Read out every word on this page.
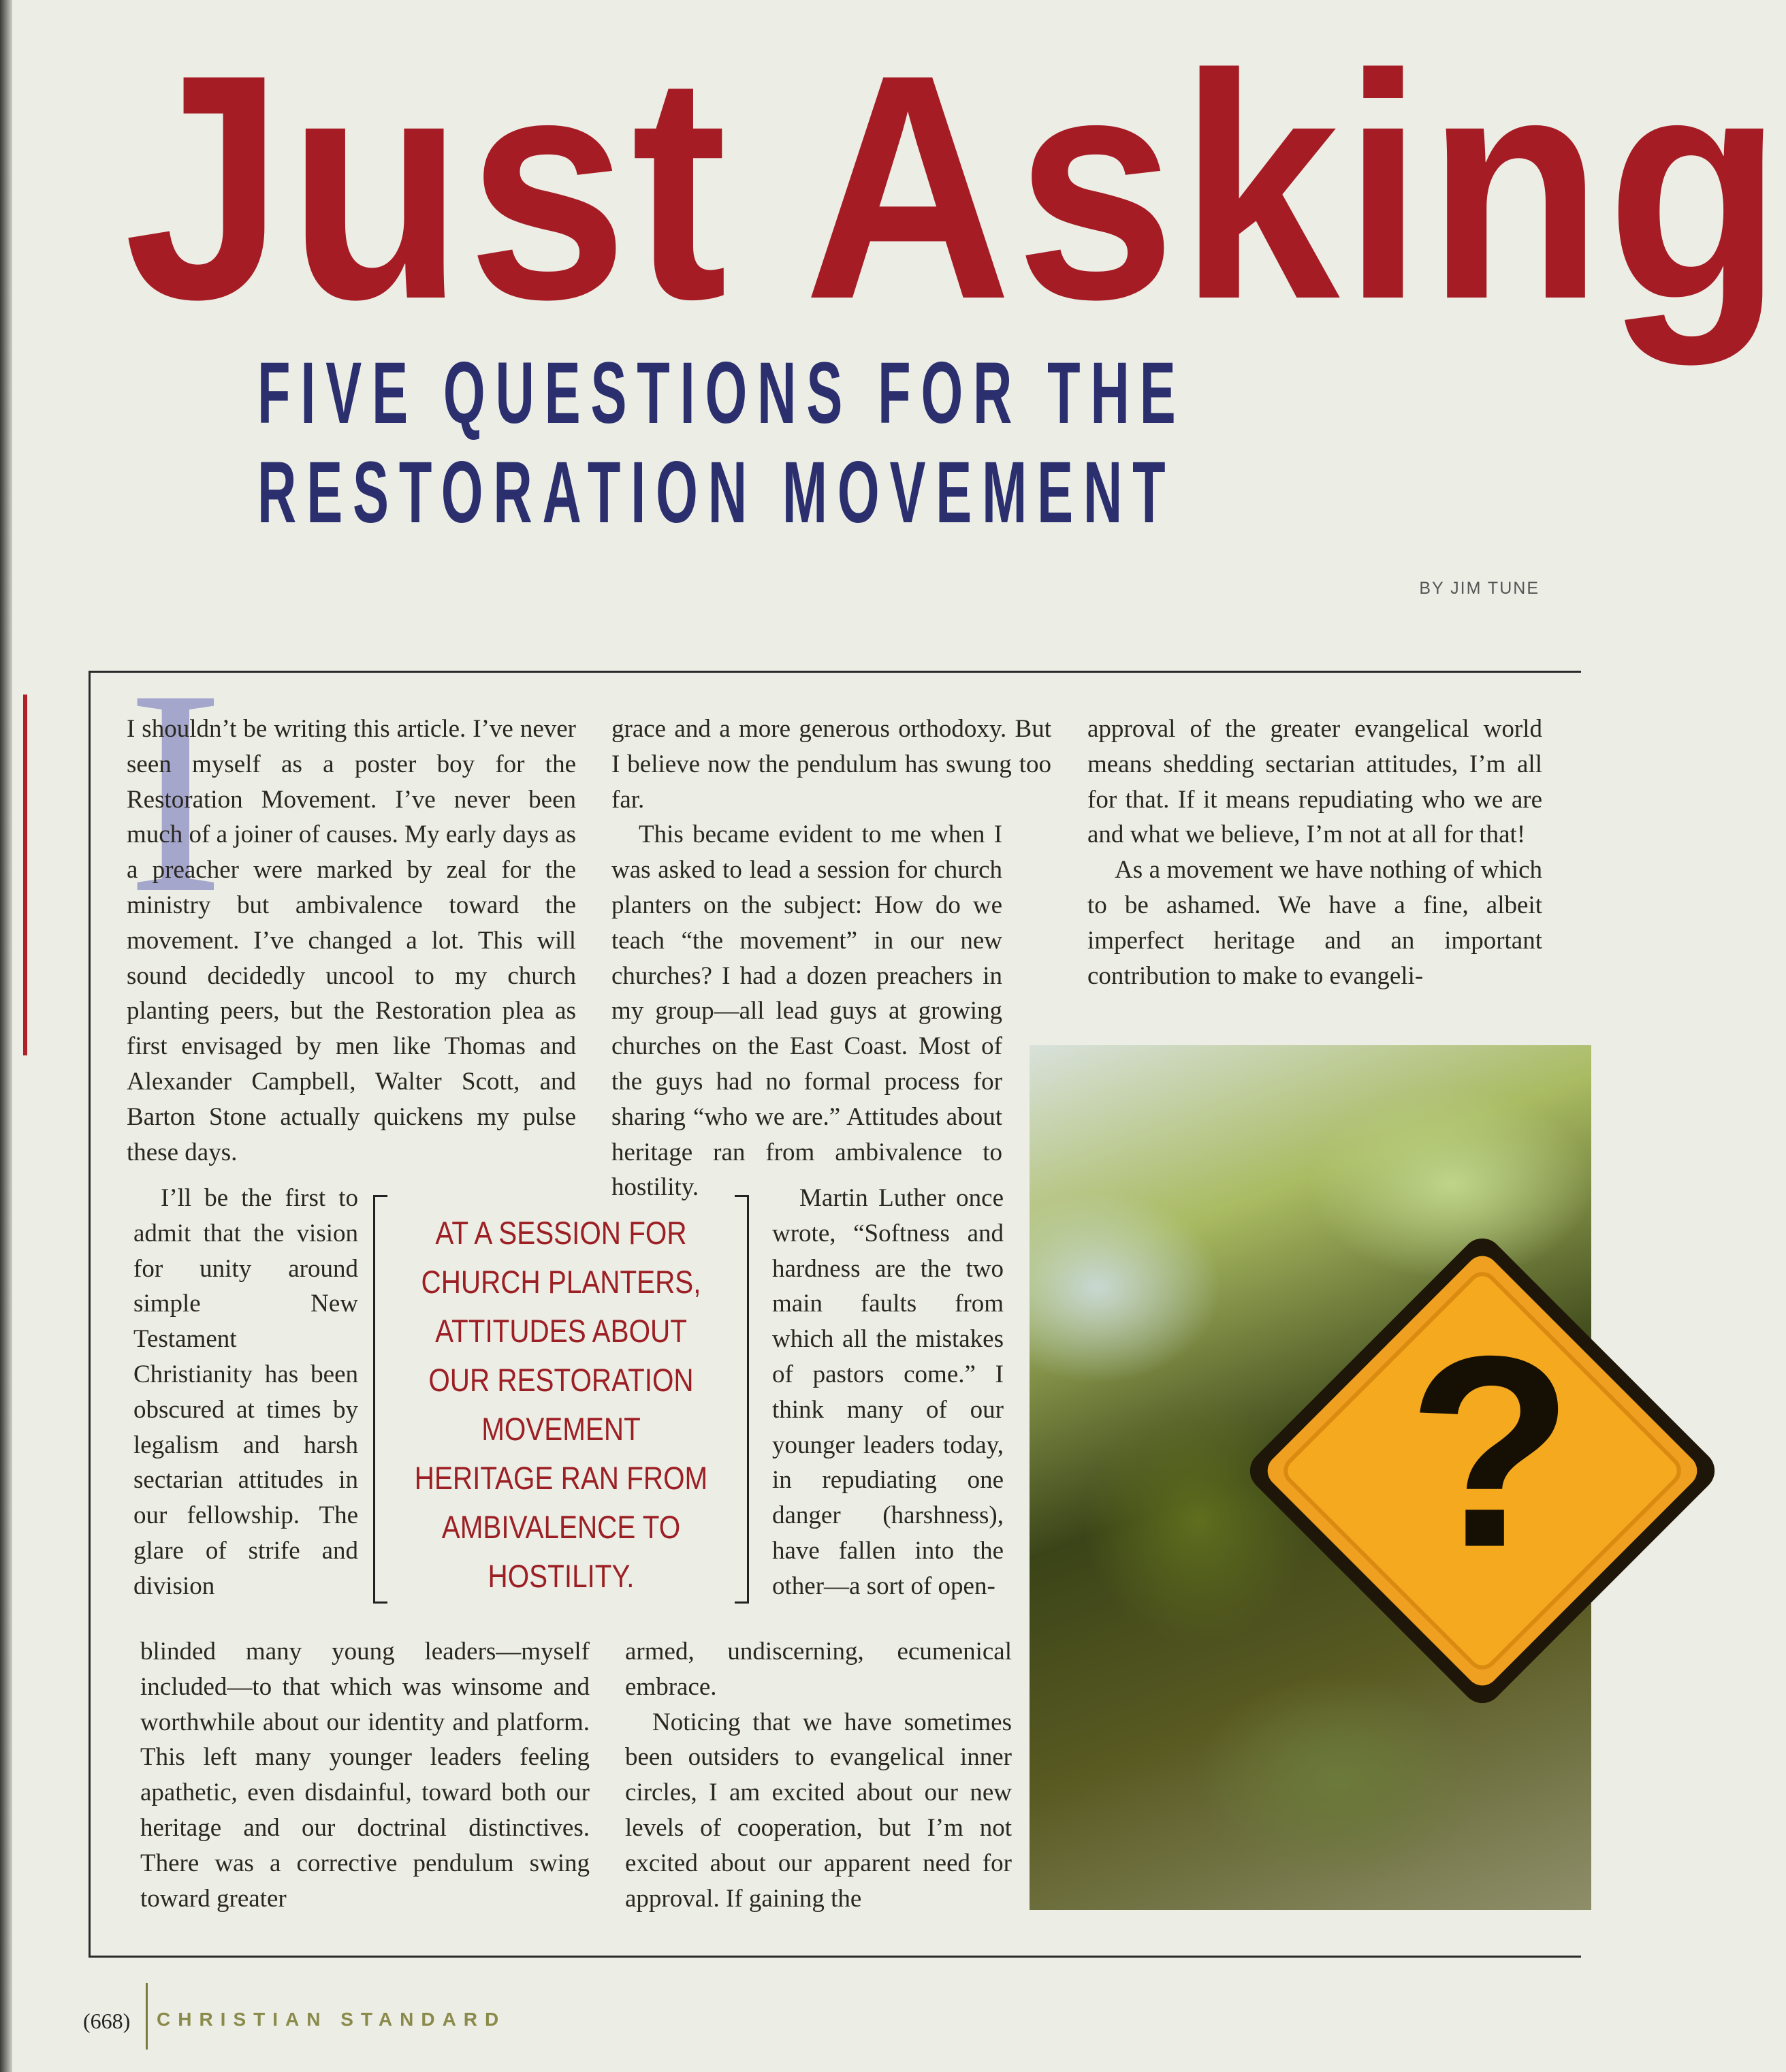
Just Asking
FIVE QUESTIONS FOR THE
RESTORATION MOVEMENT
BY JIM TUNE
I

I shouldn’t be writing this article. I’ve never seen myself as a poster boy for the Restoration Movement. I’ve never been much of a joiner of causes. My early days as a preacher were marked by zeal for the ministry but ambivalence toward the movement. I’ve changed a lot. This will sound decidedly uncool to my church planting peers, but the Restoration plea as first envisaged by men like Thomas and Alexander Campbell, Walter Scott, and Barton Stone actually quickens my pulse these days.

I’ll be the first to admit that the vision for unity around simple New Testament Christianity has been obscured at times by legalism and harsh sectarian attitudes in our fellowship. The glare of strife and division

blinded many young leaders—myself included—to that which was winsome and worthwhile about our identity and platform. This left many younger leaders feeling apathetic, even disdainful, toward both our heritage and our doctrinal distinctives. There was a corrective pendulum swing toward greater

grace and a more generous orthodoxy. But I believe now the pendulum has swung too far.

This became evident to me when I was asked to lead a session for church planters on the subject: How do we teach “the movement” in our new churches? I had a dozen preachers in my group—all lead guys at growing churches on the East Coast. Most of the guys had no formal process for sharing “who we are.” Attitudes about heritage ran from ambivalence to hostility.	Martin Luther once wrote, “Softness and hardness are the two main faults from which all the mistakes of pastors come.” I think many of our younger leaders today, in repudiating one danger (harshness), have fallen into the other—a sort of open-

armed, undiscerning, ecumenical embrace.

Noticing that we have sometimes been outsiders to evangelical inner circles, I am excited about our new levels of cooperation, but I’m not excited about our apparent need for approval. If gaining the

approval of the greater evangelical world means shedding sectarian attitudes, I’m all for that. If it means repudiating who we are and what we believe, I’m not at all for that!

As a movement we have nothing of which to be ashamed. We have a fine, albeit imperfect heritage and an important contribution to make to evangeli-

AT A SESSION FOR CHURCH PLANTERS, ATTITUDES ABOUT OUR RESTORATION MOVEMENT HERITAGE RAN FROM AMBIVALENCE TO HOSTILITY.	?
(668) CHRISTIAN STANDARD
